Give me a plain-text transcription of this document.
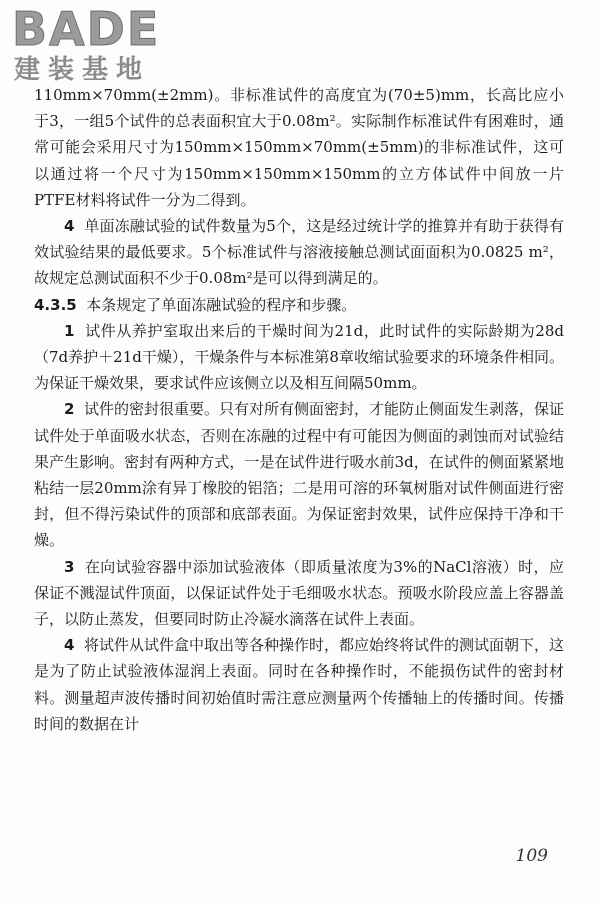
BADE
建装基地

110mm×70mm(±2mm)。非标准试件的高度宜为(70±5)mm，长高比应小于3，一组5个试件的总表面积宜大于0.08m²。实际制作标准试件有困难时，通常可能会采用尺寸为150mm×150mm×70mm(±5mm)的非标准试件，这可以通过将一个尺寸为150mm×150mm×150mm的立方体试件中间放一片PTFE材料将试件一分为二得到。

4 单面冻融试验的试件数量为5个，这是经过统计学的推算并有助于获得有效试验结果的最低要求。5个标准试件与溶液接触总测试面面积为0.0825 m²，故规定总测试面积不少于0.08m²是可以得到满足的。

4.3.5 本条规定了单面冻融试验的程序和步骤。

1 试件从养护室取出来后的干燥时间为21d，此时试件的实际龄期为28d（7d养护＋21d干燥），干燥条件与本标准第8章收缩试验要求的环境条件相同。为保证干燥效果，要求试件应该侧立以及相互间隔50mm。

2 试件的密封很重要。只有对所有侧面密封，才能防止侧面发生剥落，保证试件处于单面吸水状态，否则在冻融的过程中有可能因为侧面的剥蚀而对试验结果产生影响。密封有两种方式，一是在试件进行吸水前3d，在试件的侧面紧紧地粘结一层20mm涂有异丁橡胶的铝箔；二是用可溶的环氧树脂对试件侧面进行密封，但不得污染试件的顶部和底部表面。为保证密封效果，试件应保持干净和干燥。

3 在向试验容器中添加试验液体（即质量浓度为3%的NaCl溶液）时，应保证不溅湿试件顶面，以保证试件处于毛细吸水状态。预吸水阶段应盖上容器盖子，以防止蒸发，但要同时防止冷凝水滴落在试件上表面。

4 将试件从试件盒中取出等各种操作时，都应始终将试件的测试面朝下，这是为了防止试验液体湿润上表面。同时在各种操作时，不能损伤试件的密封材料。测量超声波传播时间初始值时需注意应测量两个传播轴上的传播时间。传播时间的数据在计

109
